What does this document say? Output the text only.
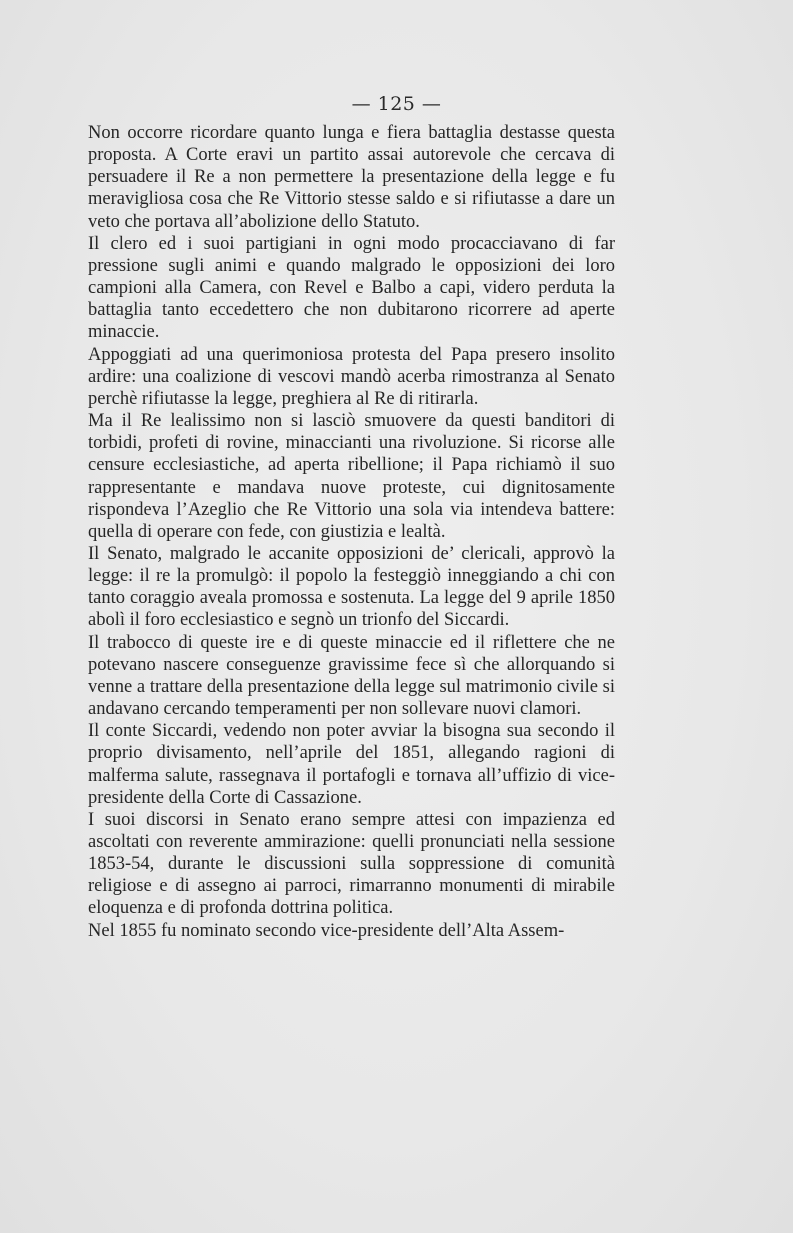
— 125 —

Non occorre ricordare quanto lunga e fiera battaglia destasse questa proposta. A Corte eravi un partito assai autorevole che cercava di persuadere il Re a non permettere la presentazione della legge e fu meravigliosa cosa che Re Vittorio stesse saldo e si rifiutasse a dare un veto che portava all’abolizione dello Statuto.

Il clero ed i suoi partigiani in ogni modo procacciavano di far pressione sugli animi e quando malgrado le opposizioni dei loro campioni alla Camera, con Revel e Balbo a capi, videro perduta la battaglia tanto eccedettero che non dubitarono ricorrere ad aperte minaccie.

Appoggiati ad una querimoniosa protesta del Papa presero insolito ardire: una coalizione di vescovi mandò acerba rimostranza al Senato perchè rifiutasse la legge, preghiera al Re di ritirarla.

Ma il Re lealissimo non si lasciò smuovere da questi banditori di torbidi, profeti di rovine, minaccianti una rivoluzione. Si ricorse alle censure ecclesiastiche, ad aperta ribellione; il Papa richiamò il suo rappresentante e mandava nuove proteste, cui dignitosamente rispondeva l’Azeglio che Re Vittorio una sola via intendeva battere: quella di operare con fede, con giustizia e lealtà.

Il Senato, malgrado le accanite opposizioni de’ clericali, approvò la legge: il re la promulgò: il popolo la festeggiò inneggiando a chi con tanto coraggio aveala promossa e sostenuta. La legge del 9 aprile 1850 abolì il foro ecclesiastico e segnò un trionfo del Siccardi.

Il trabocco di queste ire e di queste minaccie ed il riflettere che ne potevano nascere conseguenze gravissime fece sì che allorquando si venne a trattare della presentazione della legge sul matrimonio civile si andavano cercando temperamenti per non sollevare nuovi clamori.

Il conte Siccardi, vedendo non poter avviar la bisogna sua secondo il proprio divisamento, nell’aprile del 1851, allegando ragioni di malferma salute, rassegnava il portafogli e tornava all’uffizio di vice-presidente della Corte di Cassazione.

I suoi discorsi in Senato erano sempre attesi con impazienza ed ascoltati con reverente ammirazione: quelli pronunciati nella sessione 1853-54, durante le discussioni sulla soppressione di comunità religiose e di assegno ai parroci, rimarranno monumenti di mirabile eloquenza e di profonda dottrina politica.

Nel 1855 fu nominato secondo vice-presidente dell’Alta Assem-
